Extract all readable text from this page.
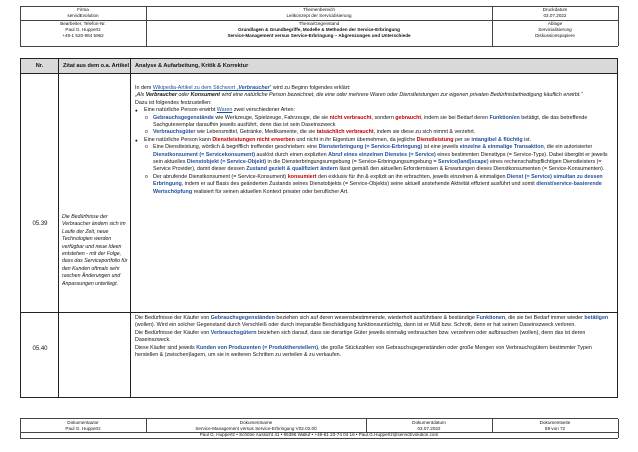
Firma
servidEvolution
Themenbereich
Leitkonzept der Servicidisierung
Druckdatum
03.07.2022
Bearbeiter, Telefon-Nr.
Paul G. Huppertz
+49-1 520-984 5962
Thema/Gegenstand
Grundlagen & Grundbegriffe, Modelle & Methoden der Service-Erbringung
Service-Management versus Service-Erbringung – Abgrenzungen und Unterschiede
Ablage
Servicialisierung
Diskussionspapiere
Nr.	Zitat aus dem o.a. Artikel	Analyse & Aufarbeitung, Kritik & Korrektur
05.39
Die Bedürfnisse der Verbraucher ändern sich im Laufe der Zeit, neue Technologien werden verfügbar und neue Ideen entstehen - mit der Folge, dass das Serviceportfolio für den Kunden oftmals sehr raschen Änderungen und Anpassungen unterliegt.

In dem Wikipedia-Artikel zu dem Stichwort „Verbraucher“ wird zu Beginn folgendes erklärt:

„Als Verbraucher oder Konsument wird eine natürliche Person bezeichnet, die eine oder mehrere Waren oder Dienstleistungen zur eigenen privaten Bedürfnisbefriedigung käuflich erwirbt.“

Dazu ist folgendes festzustellen:

● Eine natürliche Person erwirbt Waren zwei verschiedener Arten:

o Gebrauchsgegenstände wie Werkzeuge, Spielzeuge, Fahrzeuge, die sie nicht verbraucht, sondern gebraucht, indem sie bei Bedarf deren Funktion/en betätigt, die das betreffende Sachgutexemplar daraufhin jeweils ausführt, denn das ist sein Daseinszweck

o Verbrauchsgüter wie Lebensmittel, Getränke, Medikamente, die sie tatsächlich verbraucht, indem sie diese zu sich nimmt & verzehrt.

● Eine natürliche Person kann Dienstleistungen nicht erwerben und nicht in ihr Eigentum übernehmen, da jegliche Dienstleistung per se intangibel & flüchtig ist.

o Eine Dienstleistung, wörtlich & begrifflich treffender geschrieben: eine Diensterbringung (= Service-Erbringung) ist eine jeweils einzelne & einmalige Transaktion, die ein autorisierter Dienstkonsument (= Servicekonsument) auslöst durch einen expliziten Abruf eines einzelnen Dienstes (= Service) eines bestimmten Diensttyps (= Service-Typs). Dabei übergibt er jeweils sein aktuelles Dienstobjekt (= Service-Objekt) in die Diensterbringungsumgebung (= Service-Erbringungsumgebung = Service(land)scape) eines rechenschaftspflichtigen Dienstleisters (= Service Provider), damit dieser dessen Zustand gezielt & qualifiziert ändern lässt gemäß den aktuellen Erfordernissen & Erwartungen dieses Dienstkonsumenten (= Service-Konsumenten).

o Der abrufende Dienstkonsument (= Service-Konsument) konsumiert den exklusiv für ihn & explizit an ihn erbrachten, jeweils einzelnen & einmaligen Dienst (= Service) simultan zu dessen Erbringung, indem er auf Basis des geänderten Zustands seines Dienstobjekts (= Service-Objekts) seine aktuell anstehende Aktivität effizient ausführt und somit dienst/service-basierende Wertschöpfung realisiert für seinen aktuellen Kontext privater oder beruflicher Art.

05.40

Die Bedürfnisse der Käufer von Gebrauchsgegenständen beziehen sich auf deren wesensbestimmende, wiederholt ausführbare & beständige Funktionen, die sie bei Bedarf immer wieder betätigen (wollen). Wird ein solcher Gegenstand durch Verschleiß oder durch irreparable Beschädigung funktionsuntüchtig, dann ist er Müll bzw. Schrott, denn er hat seinen Daseinszweck verloren.

Die Bedürfnisse der Käufer von Verbrauchsgütern beziehen sich darauf, dass sie derartige Güter jeweils einmalig verbrauchen bzw. verzehren oder aufbrauchen (wollen), denn das ist deren Daseinszweck.

Diese Käufer sind jeweils Kunden von Produzenten (= Produktherstellern), die große Stückzahlen von Gebrauchsgegenständen oder große Mengen von Verbrauchsgütern bestimmter Typen herstellen & (zwischen)lagern, um sie in weiteren Schritten zu verteilen & zu verkaufen.

Dokumentautor
Paul G. Huppertz
Dokumentname
Service-Management versus Service-Erbringung V02.02.00
Dokumentdatum
03.07.2022
Dokumentseite
59 von 72
Paul G. Huppertz • Schöne Aussicht 41 • 65396 Walluf • +49-61 23-74 04 16 • Paul.G.Huppertz@servicEvolution.com
